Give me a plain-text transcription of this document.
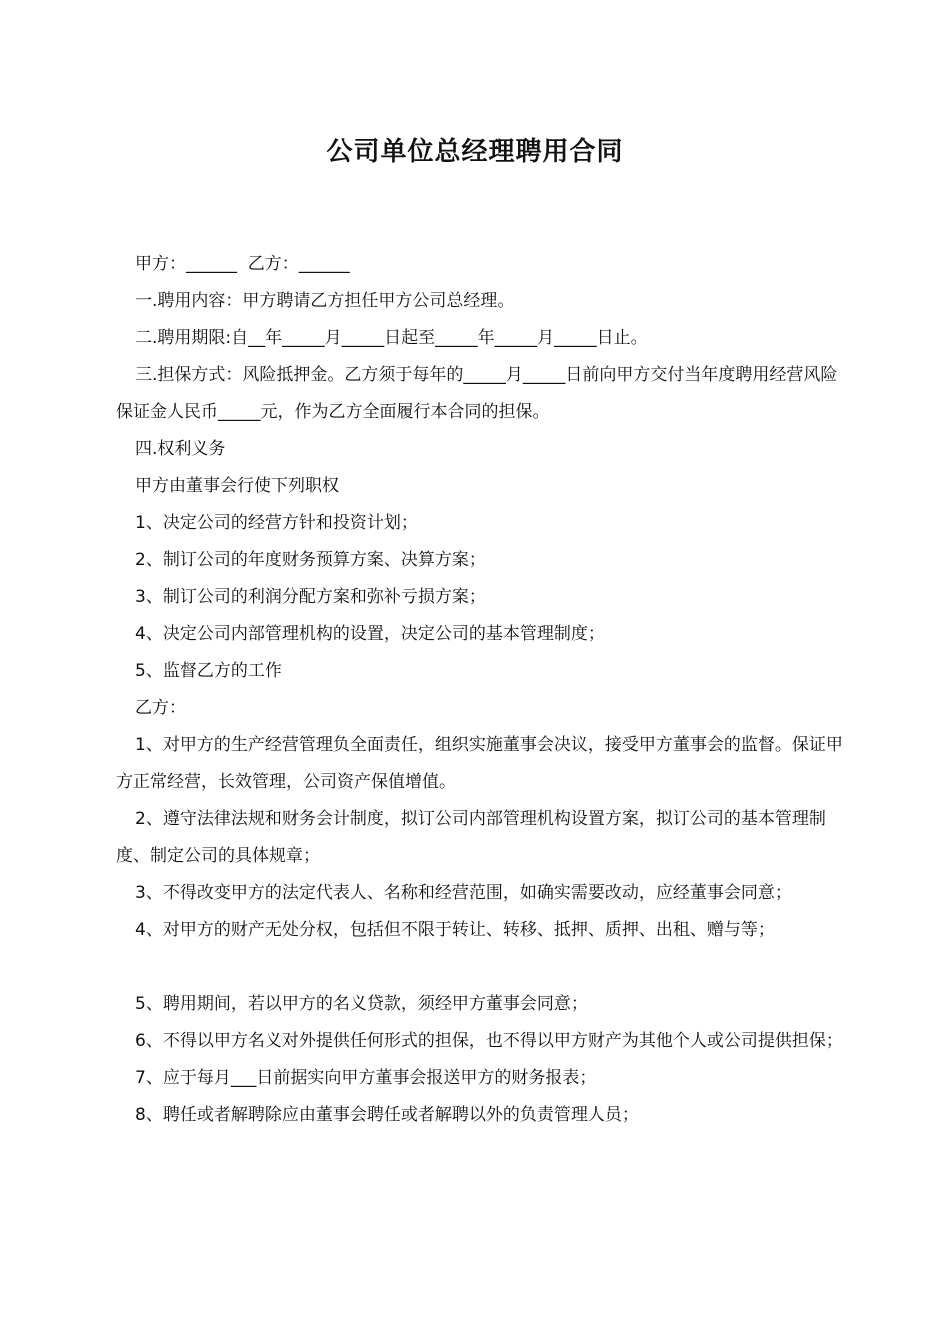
公司单位总经理聘用合同

甲方：______  乙方：______

一.聘用内容：甲方聘请乙方担任甲方公司总经理。

二.聘用期限:自__年_____月_____日起至_____年_____月_____日止。

三.担保方式：风险抵押金。乙方须于每年的_____月_____日前向甲方交付当年度聘用经营风险保证金人民币_____元，作为乙方全面履行本合同的担保。

四.权利义务

甲方由董事会行使下列职权

1、决定公司的经营方针和投资计划；

2、制订公司的年度财务预算方案、决算方案；

3、制订公司的利润分配方案和弥补亏损方案；

4、决定公司内部管理机构的设置，决定公司的基本管理制度；

5、监督乙方的工作

乙方：

1、对甲方的生产经营管理负全面责任，组织实施董事会决议，接受甲方董事会的监督。保证甲方正常经营，长效管理，公司资产保值增值。

2、遵守法律法规和财务会计制度，拟订公司内部管理机构设置方案，拟订公司的基本管理制度、制定公司的具体规章；

3、不得改变甲方的法定代表人、名称和经营范围，如确实需要改动，应经董事会同意；

4、对甲方的财产无处分权，包括但不限于转让、转移、抵押、质押、出租、赠与等；

5、聘用期间，若以甲方的名义贷款，须经甲方董事会同意；

6、不得以甲方名义对外提供任何形式的担保，也不得以甲方财产为其他个人或公司提供担保；

7、应于每月___日前据实向甲方董事会报送甲方的财务报表；

8、聘任或者解聘除应由董事会聘任或者解聘以外的负责管理人员；
